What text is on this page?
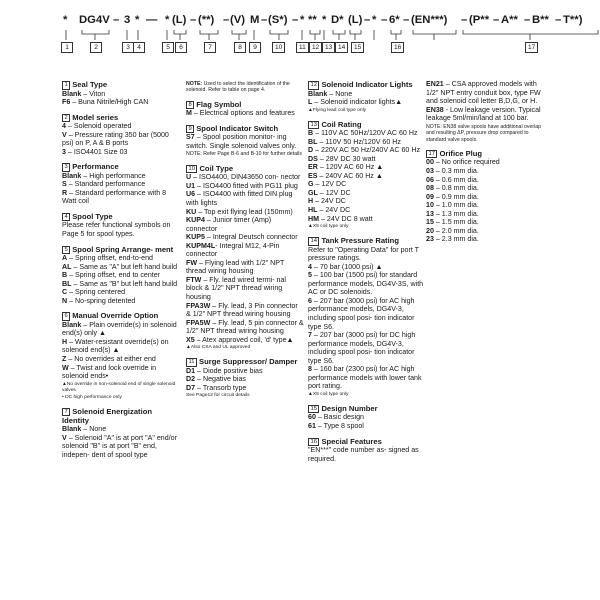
* DG4V – 3 * — * (L) – (**) – (V) M – (S*) – * ** * D* (L) – * – 6* – (EN***) – (P** – A** – B** – T**)
1	2	3	4	5	6	7	8	9	10	11 12 13 14	15	16	17
1 Seal Type
Blank – Viton
F6 – Buna Nitrile/High CAN
2 Model series
4 – Solenoid operated
V – Pressure rating 350 bar (5000 psi) on P, A & B ports
3 – ISO4401 Size 03
3 Performance
Blank – High performance
S – Standard performance
R – Standard performance with 8 Watt coil
4 Spool Type
Please refer functional symbols on Page 5 for spool types.
5 Spool Spring Arrange- ment
A – Spring offset, end-to-end
AL – Same as "A" but left hand build
B – Spring offset, end to center
BL – Same as "B" but left hand build
C – Spring centered
N – No-spring detented
6 Manual Override Option
Blank – Plain override(s) in solenoid end(s) only ▲
H – Water-resistant override(s) on solenoid end(s) ▲
Z – No overrides at either end
W – Twist and lock override in solenoid ends•
▲No override in non-solenoid end of single solenoid valves
• DC high performance only
7 Solenoid Energization Identity
Blank – None
V – Solenoid "A" is at port "A" end/or solenoid "B" is at port "B" end, indepen- dent of spool type
NOTE: Used to select the identification of the solenoid. Refer to table on page 4.
8 Flag Symbol
M – Electrical options and features
9 Spool Indicator Switch
S7 – Spool position monitor- ing switch. Single solenoid valves only.
NOTE: Refer Page B-6 and B-10 for further details
10 Coil Type
U – ISO4400, DIN43650 con- nector
U1 – ISO4400 fitted with PG11 plug
U6 – ISO4400 with fitted DIN plug with lights
KU – Top exit flying lead (150mm)
KUP4 – Junior timer (Amp) connector
KUP5 – Integral Deutsch connector
KUPM4L- Integral M12, 4-Pin connector
FW – Flying lead with 1/2" NPT thread wiring housing
FTW – Fly. lead wired termi- nal block & 1/2" NPT thread wiring housing
FPA3W – Fly. lead, 3 Pin connector & 1/2" NPT thread wiring housing
FPA5W – Fly. lead, 5 pin connector & 1/2" NPT thread wiring housing
X5 – Atex approved coil, 'd' type▲
▲Also CSA and UL approved
11 Surge Suppressor/ Damper
D1 – Diode positive bias
D2 – Negative bias
D7 – Transorb type
See Page12 for circuit details
12 Solenoid Indicator Lights
Blank – None
L – Solenoid indicator lights▲
▲Flying lead coil type only
13 Coil Rating
B – 110V AC 50Hz/120V AC 60 Hz
BL – 110V 50 Hz/120V 60 Hz
D – 220V AC 50 Hz/240V AC 60 Hz
DS – 28V DC 30 watt
ER – 120V AC 60 Hz ▲
ES – 240V AC 60 Hz ▲
G – 12V DC
GL – 12V DC
H – 24V DC
HL – 24V DC
HM – 24V DC 8 watt
▲X5 coil type only
14 Tank Pressure Rating
Refer to "Operating Data" for port T pressure ratings.
4 – 70 bar (1000 psi) ▲
5 – 100 bar (1500 psi) for standard performance models, DG4V-3S, with AC or DC solenoids.
6 – 207 bar (3000 psi) for AC high performance models, DG4V-3, including spool posi- tion indicator type S6.
7 – 207 bar (3000 psi) for DC high performance models, DG4V-3, including spool posi- tion indicator type S6.
8 – 160 bar (2300 psi) for AC high performance models with lower tank port rating.
▲X5 coil type only
15 Design Number
60 – Basic design
61 – Type 8 spool
16 Special Features
"EN***" code number as- signed as required.
EN21 – CSA approved models with 1/2" NPT entry conduit box, type FW and solenoid coil letter B,D,G, or H.
EN38 - Low leakage version. Typical leakage 5ml/min/land at 100 bar.
NOTE: EN38 valve spools have additional overlap and resulting ΔP, pressure drop compared to standard valve spools.
17 Orifice Plug
00 – No orifice required
03 – 0.3 mm dia.
06 – 0.6 mm dia.
08 – 0.8 mm dia.
09 – 0.9 mm dia.
10 – 1.0 mm dia.
13 – 1.3 mm dia.
15 – 1.5 mm dia.
20 – 2.0 mm dia.
23 – 2.3 mm dia.
